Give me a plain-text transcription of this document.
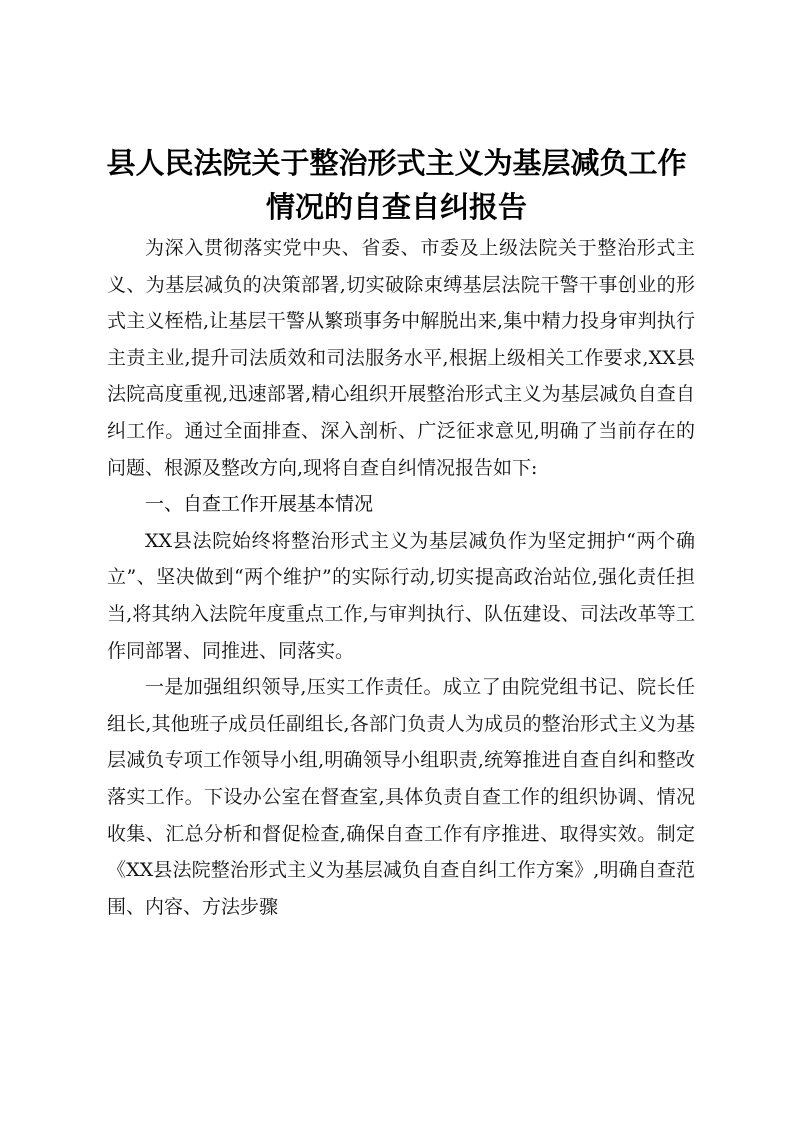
县人民法院关于整治形式主义为基层减负工作
情况的自查自纠报告

为深入贯彻落实党中央、省委、市委及上级法院关于整治形式主义、为基层减负的决策部署,切实破除束缚基层法院干警干事创业的形式主义桎梏,让基层干警从繁琐事务中解脱出来,集中精力投身审判执行主责主业,提升司法质效和司法服务水平,根据上级相关工作要求,XX县法院高度重视,迅速部署,精心组织开展整治形式主义为基层减负自查自纠工作。通过全面排查、深入剖析、广泛征求意见,明确了当前存在的问题、根源及整改方向,现将自查自纠情况报告如下:

一、自查工作开展基本情况

XX县法院始终将整治形式主义为基层减负作为坚定拥护“两个确立”、坚决做到“两个维护”的实际行动,切实提高政治站位,强化责任担当,将其纳入法院年度重点工作,与审判执行、队伍建设、司法改革等工作同部署、同推进、同落实。

一是加强组织领导,压实工作责任。成立了由院党组书记、院长任组长,其他班子成员任副组长,各部门负责人为成员的整治形式主义为基层减负专项工作领导小组,明确领导小组职责,统筹推进自查自纠和整改落实工作。下设办公室在督查室,具体负责自查工作的组织协调、情况收集、汇总分析和督促检查,确保自查工作有序推进、取得实效。制定《XX县法院整治形式主义为基层减负自查自纠工作方案》,明确自查范围、内容、方法步骤
